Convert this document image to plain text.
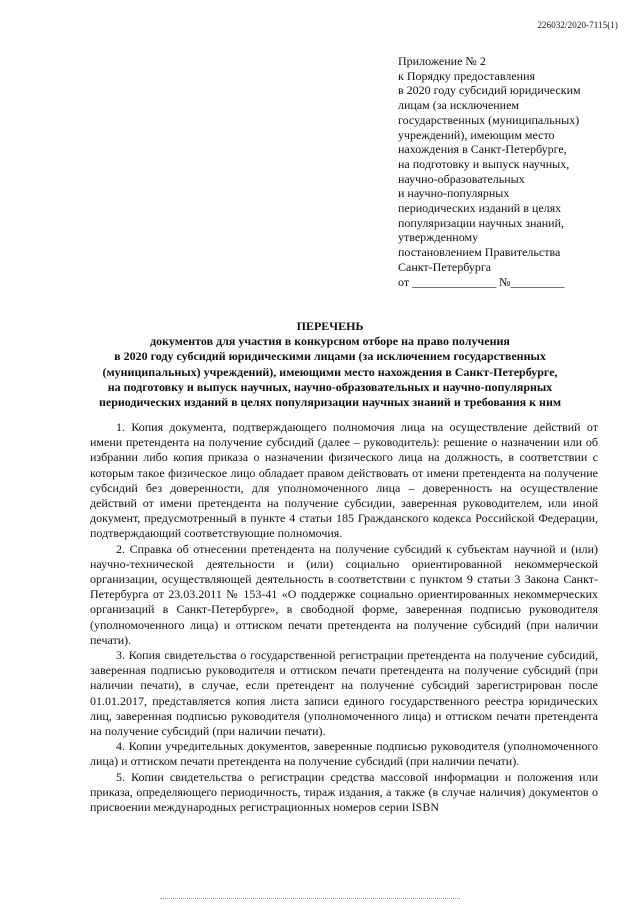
226032/2020-7115(1)
Приложение № 2
к Порядку предоставления
в 2020 году субсидий юридическим
лицам (за исключением
государственных (муниципальных)
учреждений), имеющим место
нахождения в Санкт-Петербурге,
на подготовку и выпуск научных,
научно-образовательных
и научно-популярных
периодических изданий в целях
популяризации научных знаний,
утвержденному
постановлением Правительства
Санкт-Петербурга
от ______________ №_________
ПЕРЕЧЕНЬ
документов для участия в конкурсном отборе на право получения
в 2020 году субсидий юридическими лицами (за исключением государственных
(муниципальных) учреждений), имеющими место нахождения в Санкт-Петербурге,
на подготовку и выпуск научных, научно-образовательных и научно-популярных
периодических изданий в целях популяризации научных знаний и требования к ним

1. Копия документа, подтверждающего полномочия лица на осуществление действий от имени претендента на получение субсидий (далее – руководитель): решение о назначении или об избрании либо копия приказа о назначении физического лица на должность, в соответствии с которым такое физическое лицо обладает правом действовать от имени претендента на получение субсидий без доверенности, для уполномоченного лица – доверенность на осуществление действий от имени претендента на получение субсидии, заверенная руководителем, или иной документ, предусмотренный в пункте 4 статьи 185 Гражданского кодекса Российской Федерации, подтверждающий соответствующие полномочия.

2. Справка об отнесении претендента на получение субсидий к субъектам научной и (или) научно-технической деятельности и (или) социально ориентированной некоммерческой организации, осуществляющей деятельность в соответствии с пунктом 9 статьи 3 Закона Санкт-Петербурга от 23.03.2011 № 153-41 «О поддержке социально ориентированных некоммерческих организаций в Санкт-Петербурге», в свободной форме, заверенная подписью руководителя (уполномоченного лица) и оттиском печати претендента на получение субсидий (при наличии печати).

3. Копия свидетельства о государственной регистрации претендента на получение субсидий, заверенная подписью руководителя и оттиском печати претендента на получение субсидий (при наличии печати), в случае, если претендент на получение субсидий зарегистрирован после 01.01.2017, представляется копия листа записи единого государственного реестра юридических лиц, заверенная подписью руководителя (уполномоченного лица) и оттиском печати претендента на получение субсидий (при наличии печати).

4. Копии учредительных документов, заверенные подписью руководителя (уполномоченного лица) и оттиском печати претендента на получение субсидий (при наличии печати).

5. Копии свидетельства о регистрации средства массовой информации и положения или приказа, определяющего периодичность, тираж издания, а также (в случае наличия) документов о присвоении международных регистрационных номеров серии ISBN
